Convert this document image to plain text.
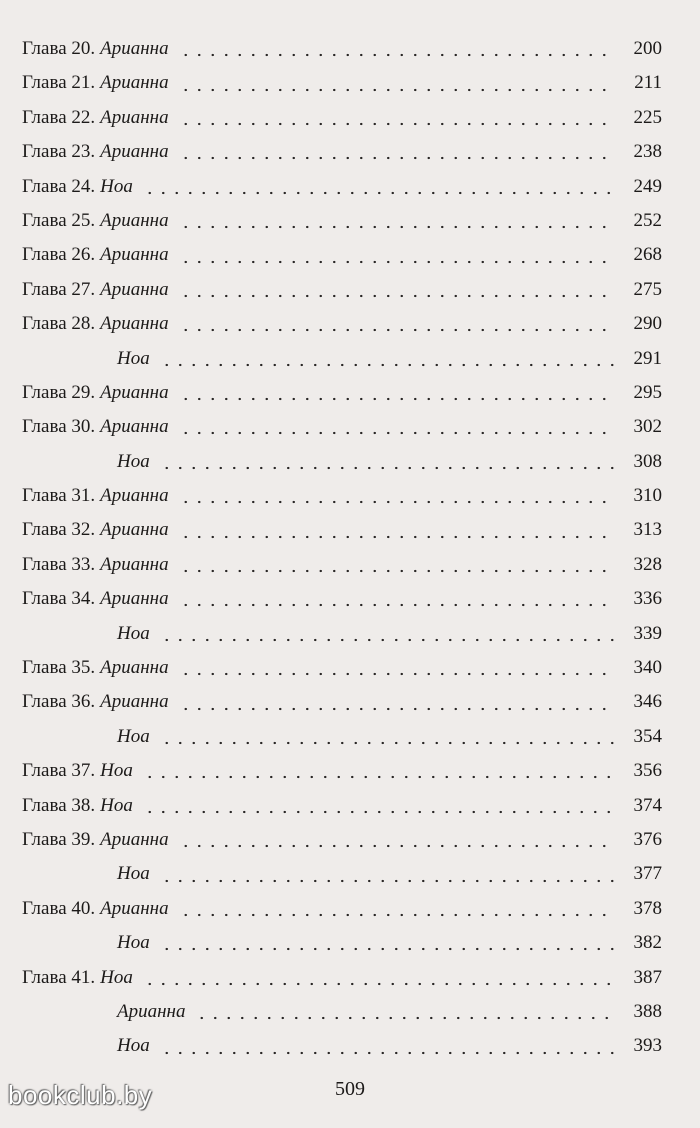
Глава 20. Арианна	200
Глава 21. Арианна	211
Глава 22. Арианна	225
Глава 23. Арианна	238
Глава 24. Ноа	249
Глава 25. Арианна	252
Глава 26. Арианна	268
Глава 27. Арианна	275
Глава 28. Арианна	290
Ноа	291
Глава 29. Арианна	295
Глава 30. Арианна	302
Ноа	308
Глава 31. Арианна	310
Глава 32. Арианна	313
Глава 33. Арианна	328
Глава 34. Арианна	336
Ноа	339
Глава 35. Арианна	340
Глава 36. Арианна	346
Ноа	354
Глава 37. Ноа	356
Глава 38. Ноа	374
Глава 39. Арианна	376
Ноа	377
Глава 40. Арианна	378
Ноа	382
Глава 41. Ноа	387
Арианна	388
Ноа	393
509
bookclub.by
